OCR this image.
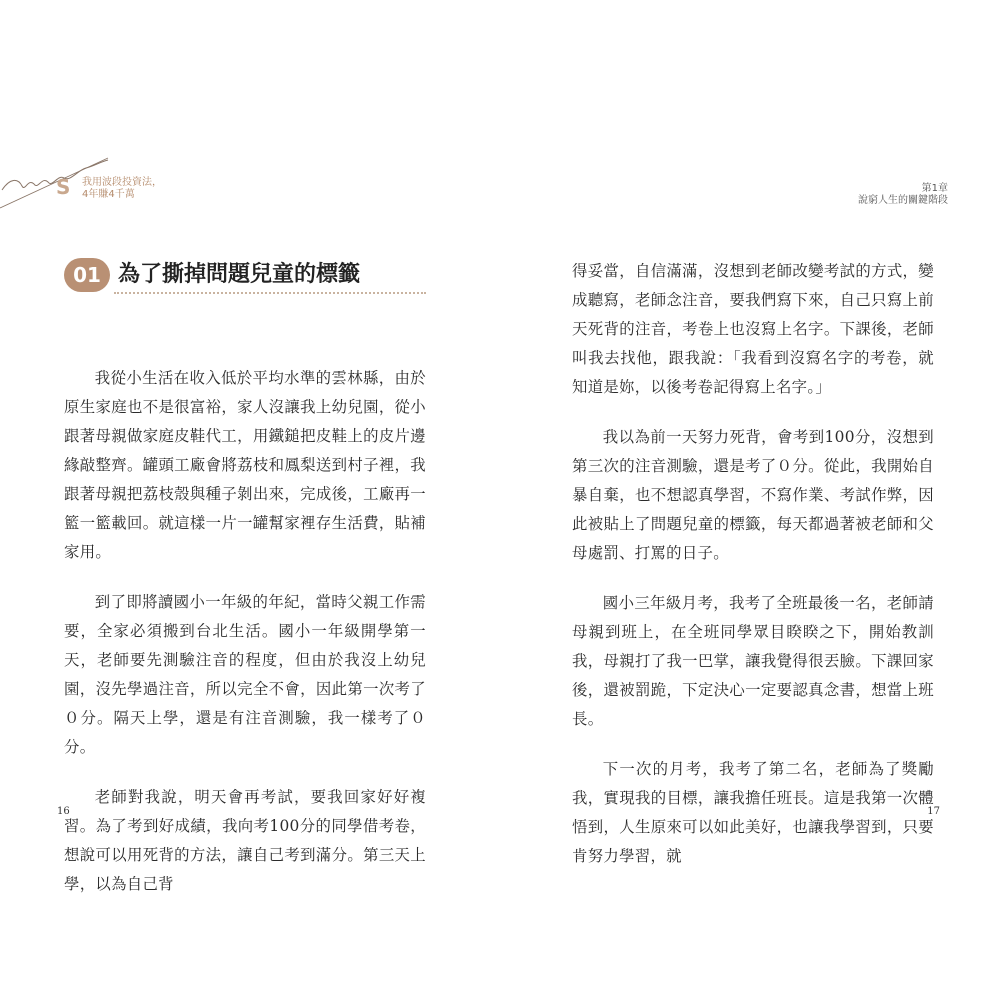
S 我用波段投資法，
4年賺4千萬
第1章
說窮人生的關鍵階段
01 為了撕掉問題兒童的標籤

我從小生活在收入低於平均水準的雲林縣，由於原生家庭也不是很富裕，家人沒讓我上幼兒園，從小跟著母親做家庭皮鞋代工，用鐵鎚把皮鞋上的皮片邊緣敲整齊。罐頭工廠會將荔枝和鳳梨送到村子裡，我跟著母親把荔枝殼與種子剝出來，完成後，工廠再一籃一籃載回。就這樣一片一罐幫家裡存生活費，貼補家用。

到了即將讀國小一年級的年紀，當時父親工作需要，全家必須搬到台北生活。國小一年級開學第一天，老師要先測驗注音的程度，但由於我沒上幼兒園，沒先學過注音，所以完全不會，因此第一次考了０分。隔天上學，還是有注音測驗，我一樣考了０分。

老師對我說，明天會再考試，要我回家好好複習。為了考到好成績，我向考100分的同學借考卷，想說可以用死背的方法，讓自己考到滿分。第三天上學，以為自己背

得妥當，自信滿滿，沒想到老師改變考試的方式，變成聽寫，老師念注音，要我們寫下來，自己只寫上前天死背的注音，考卷上也沒寫上名字。下課後，老師叫我去找他，跟我說：「我看到沒寫名字的考卷，就知道是妳，以後考卷記得寫上名字。」

我以為前一天努力死背，會考到100分，沒想到第三次的注音測驗，還是考了０分。從此，我開始自暴自棄，也不想認真學習，不寫作業、考試作弊，因此被貼上了問題兒童的標籤，每天都過著被老師和父母處罰、打罵的日子。

國小三年級月考，我考了全班最後一名，老師請母親到班上，在全班同學眾目睽睽之下，開始教訓我，母親打了我一巴掌，讓我覺得很丟臉。下課回家後，還被罰跪，下定決心一定要認真念書，想當上班長。

下一次的月考，我考了第二名，老師為了獎勵我，實現我的目標，讓我擔任班長。這是我第一次體悟到，人生原來可以如此美好，也讓我學習到，只要肯努力學習，就

16	17
